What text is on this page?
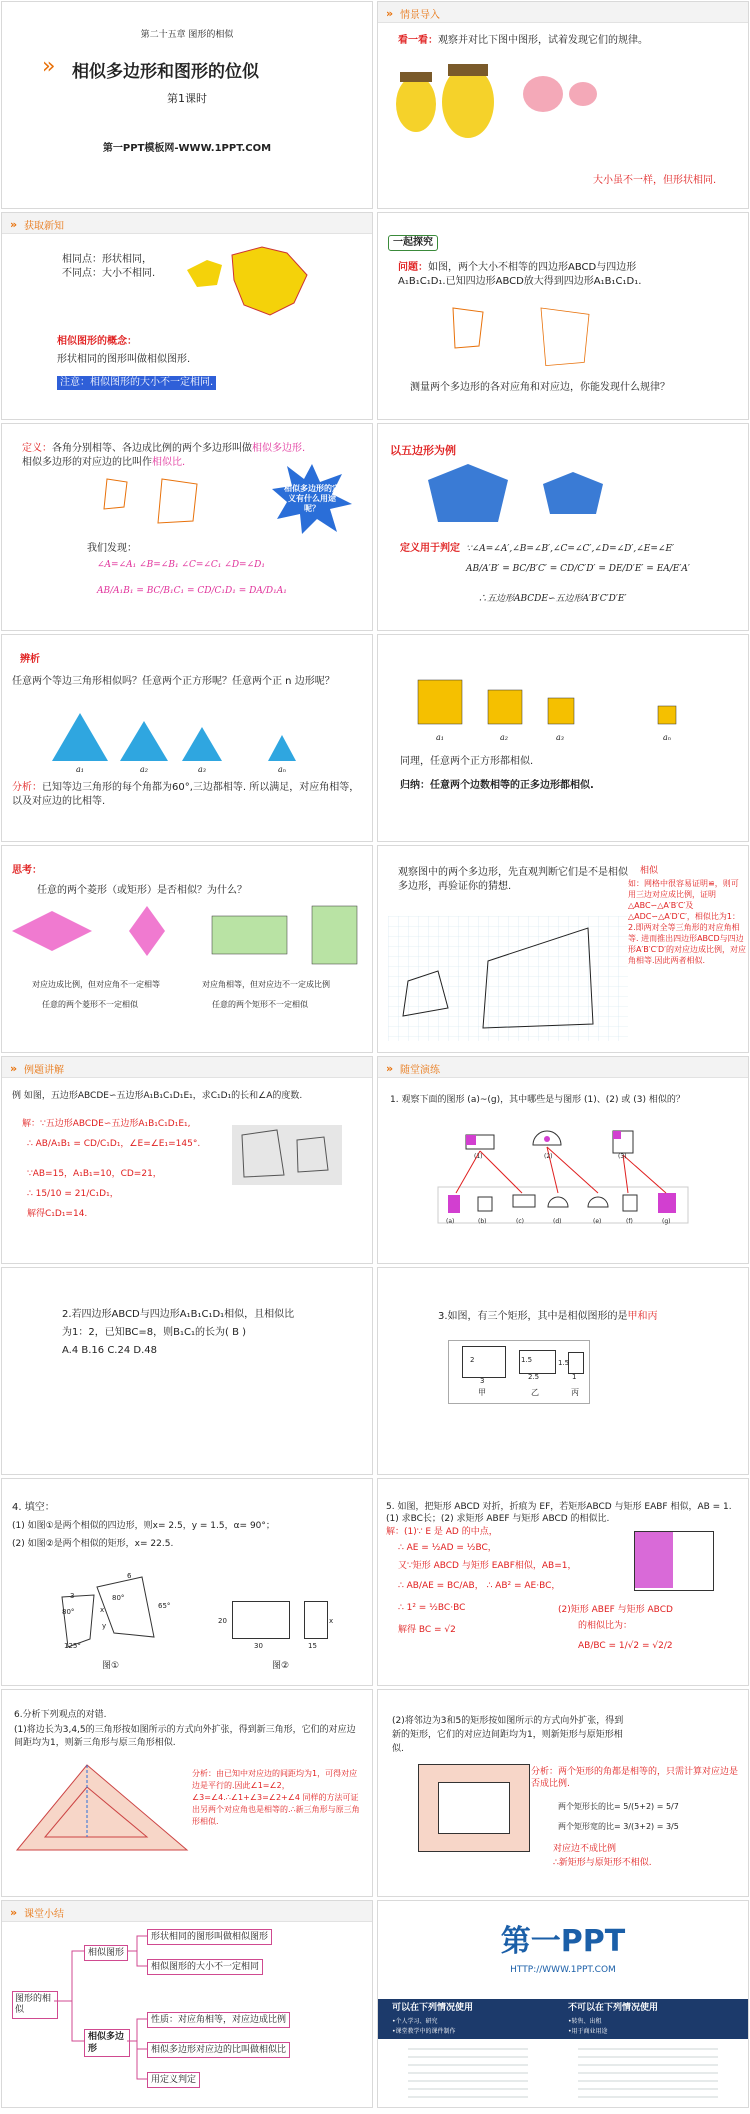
第二十五章 图形的相似
» 相似多边形和图形的位似
第1课时
第一PPT模板网-WWW.1PPT.COM
» 情景导入
看一看：观察并对比下图中图形，试着发现它们的规律。
大小虽不一样，但形状相同.
» 获取新知
相同点：形状相同，
不同点：大小不相同.
相似图形的概念：
形状相同的图形叫做相似图形.
注意：相似图形的大小不一定相同.
一起探究
问题：如图，两个大小不相等的四边形ABCD与四边形
A₁B₁C₁D₁.已知四边形ABCD放大得到四边形A₁B₁C₁D₁.
测量两个多边形的各对应角和对应边，你能发现什么规律？
定义：各角分别相等、各边成比例的两个多边形叫做相似多边形.
相似多边形的对应边的比叫作相似比.
相似多边形的定义有什么用途呢？
我们发现：
∠A=∠A₁ ∠B=∠B₁ ∠C=∠C₁ ∠D=∠D₁
AB/A₁B₁ = BC/B₁C₁ = CD/C₁D₁ = DA/D₁A₁
以五边形为例
定义用于判定 ∵∠A=∠A′,∠B=∠B′,∠C=∠C′,∠D=∠D′,∠E=∠E′
AB/A′B′ = BC/B′C′ = CD/C′D′ = DE/D′E′ = EA/E′A′
∴五边形ABCDE∽五边形A′B′C′D′E′
辨析
任意两个等边三角形相似吗？任意两个正方形呢？任意两个正 n 边形呢？
a₁	a₂	a₃	aₙ
分析：已知等边三角形的每个角都为60°,三边都相等. 所以满足，对应角相等，以及对应边的比相等.
a₁	a₂	a₃	aₙ
同理，任意两个正方形都相似.
归纳：任意两个边数相等的正多边形都相似.
思考：
任意的两个菱形（或矩形）是否相似？为什么？
对应边成比例，但对应角不一定相等
任意的两个菱形不一定相似
对应角相等，但对应边不一定成比例
任意的两个矩形不一定相似
观察图中的两个多边形，先直观判断它们是不是相似多边形，再验证你的猜想.
相似
如：网格中很容易证明≌，则可用三边对应成比例，证明△ABC∽△A′B′C′及△ADC∽△A′D′C′，相似比为1：2.即两对全等三角形的对应角相等. 进而推出四边形ABCD与四边形A′B′C′D′的对应边成比例，对应角相等.因此两者相似.
» 例题讲解
例 如图，五边形ABCDE∽五边形A₁B₁C₁D₁E₁，求C₁D₁的长和∠A的度数.
解：∵五边形ABCDE∽五边形A₁B₁C₁D₁E₁,
∴ AB/A₁B₁ = CD/C₁D₁，∠E=∠E₁=145°.
∵AB=15，A₁B₁=10，CD=21，
∴ 15/10 = 21/C₁D₁，
解得C₁D₁=14.
» 随堂演练
1. 观察下面的图形 (a)~(g)，其中哪些是与图形 (1)、(2) 或 (3) 相似的？
(1)	(2)	(3)
(a)	(b)	(c)	(d)	(e)	(f)	(g)
2.若四边形ABCD与四边形A₁B₁C₁D₁相似，且相似比
为1：2，已知BC=8，则B₁C₁的长为( B )
A.4 B.16 C.24 D.48
3.如图，有三个矩形，其中是相似图形的是甲和丙
2
3
1.5
2.5
1.5
1
甲	乙	丙
4. 填空：
(1) 如图①是两个相似的四边形，则x= 2.5，y = 1.5，α= 90°；
(2) 如图②是两个相似的矩形，x= 22.5.
80°
125°
3	80°
6
65°
x
y
20
30	15
x
图①	图②
5. 如图，把矩形 ABCD 对折，折痕为 EF，若矩形ABCD 与矩形 EABF 相似，AB = 1.(1) 求BC长；(2) 求矩形 ABEF 与矩形 ABCD 的相似比.
解：(1)∵ E 是 AD 的中点，
∴ AE = ½AD = ½BC，
又∵矩形 ABCD 与矩形 EABF相似，AB=1，
∴ AB/AE = BC/AB， ∴ AB² = AE·BC，
∴ 1² = ½BC·BC
解得 BC = √2
(2)矩形 ABEF 与矩形 ABCD
的相似比为：
AB/BC = 1/√2 = √2/2
6.分析下列观点的对错.
(1)将边长为3,4,5的三角形按如图所示的方式向外扩张，得到新三角形，它们的对应边间距均为1，则新三角形与原三角形相似.
分析：由已知中对应边的间距均为1，可得对应边是平行的.因此∠1=∠2，∠3=∠4.∴∠1+∠3=∠2+∠4 同样的方法可证出另两个对应角也是相等的.∴新三角形与原三角形相似.
(2)将邻边为3和5的矩形按如图所示的方式向外扩张，得到新的矩形，它们的对应边间距均为1，则新矩形与原矩形相似.
分析：两个矩形的角都是相等的，只需计算对应边是否成比例.
两个矩形长的比= 5/(5+2) = 5/7
两个矩形宽的比= 3/(3+2) = 3/5
对应边不成比例
∴新矩形与原矩形不相似.
» 课堂小结
图形的相似
相似图形
形状相同的图形叫做相似图形
相似图形的大小不一定相同
相似多边形
性质：对应角相等，对应边成比例
相似多边形对应边的比叫做相似比
用定义判定
第一PPT
HTTP://WWW.1PPT.COM
可以在下列情况使用
•个人学习、研究
•课堂教学中的课件制作
不可以在下列情况使用
•转售、出租
•用于商业用途
